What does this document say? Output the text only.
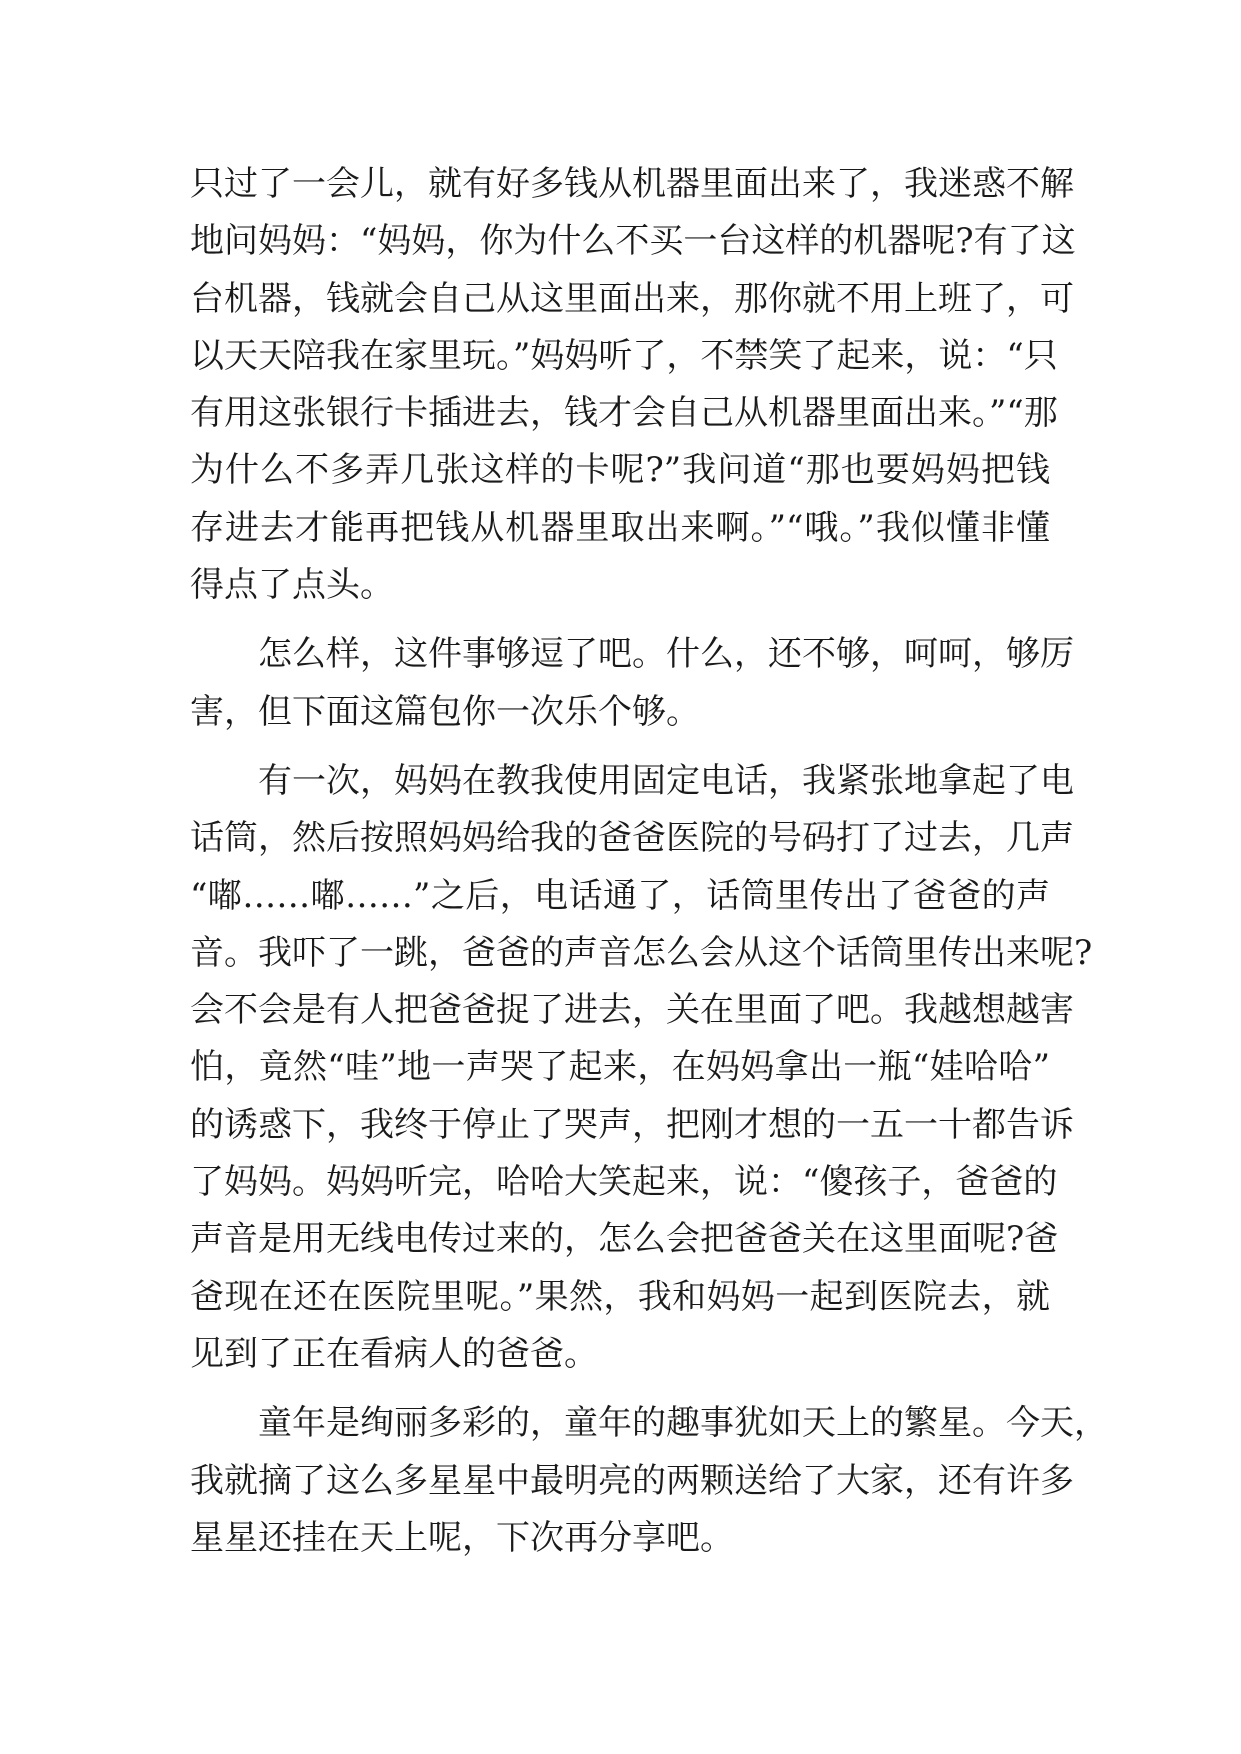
只过了一会儿，就有好多钱从机器里面出来了，我迷惑不解
地问妈妈：“妈妈，你为什么不买一台这样的机器呢?有了这
台机器，钱就会自己从这里面出来，那你就不用上班了，可
以天天陪我在家里玩。”妈妈听了，不禁笑了起来，说：“只
有用这张银行卡插进去，钱才会自己从机器里面出来。”“那
为什么不多弄几张这样的卡呢?”我问道“那也要妈妈把钱
存进去才能再把钱从机器里取出来啊。”“哦。”我似懂非懂
得点了点头。
怎么样，这件事够逗了吧。什么，还不够，呵呵，够厉
害，但下面这篇包你一次乐个够。
有一次，妈妈在教我使用固定电话，我紧张地拿起了电
话筒，然后按照妈妈给我的爸爸医院的号码打了过去，几声
“嘟……嘟……”之后，电话通了，话筒里传出了爸爸的声
音。我吓了一跳，爸爸的声音怎么会从这个话筒里传出来呢?
会不会是有人把爸爸捉了进去，关在里面了吧。我越想越害
怕，竟然“哇”地一声哭了起来，在妈妈拿出一瓶“娃哈哈”
的诱惑下，我终于停止了哭声，把刚才想的一五一十都告诉
了妈妈。妈妈听完，哈哈大笑起来，说：“傻孩子，爸爸的
声音是用无线电传过来的，怎么会把爸爸关在这里面呢?爸
爸现在还在医院里呢。”果然，我和妈妈一起到医院去，就
见到了正在看病人的爸爸。
童年是绚丽多彩的，童年的趣事犹如天上的繁星。今天，
我就摘了这么多星星中最明亮的两颗送给了大家，还有许多
星星还挂在天上呢，下次再分享吧。
